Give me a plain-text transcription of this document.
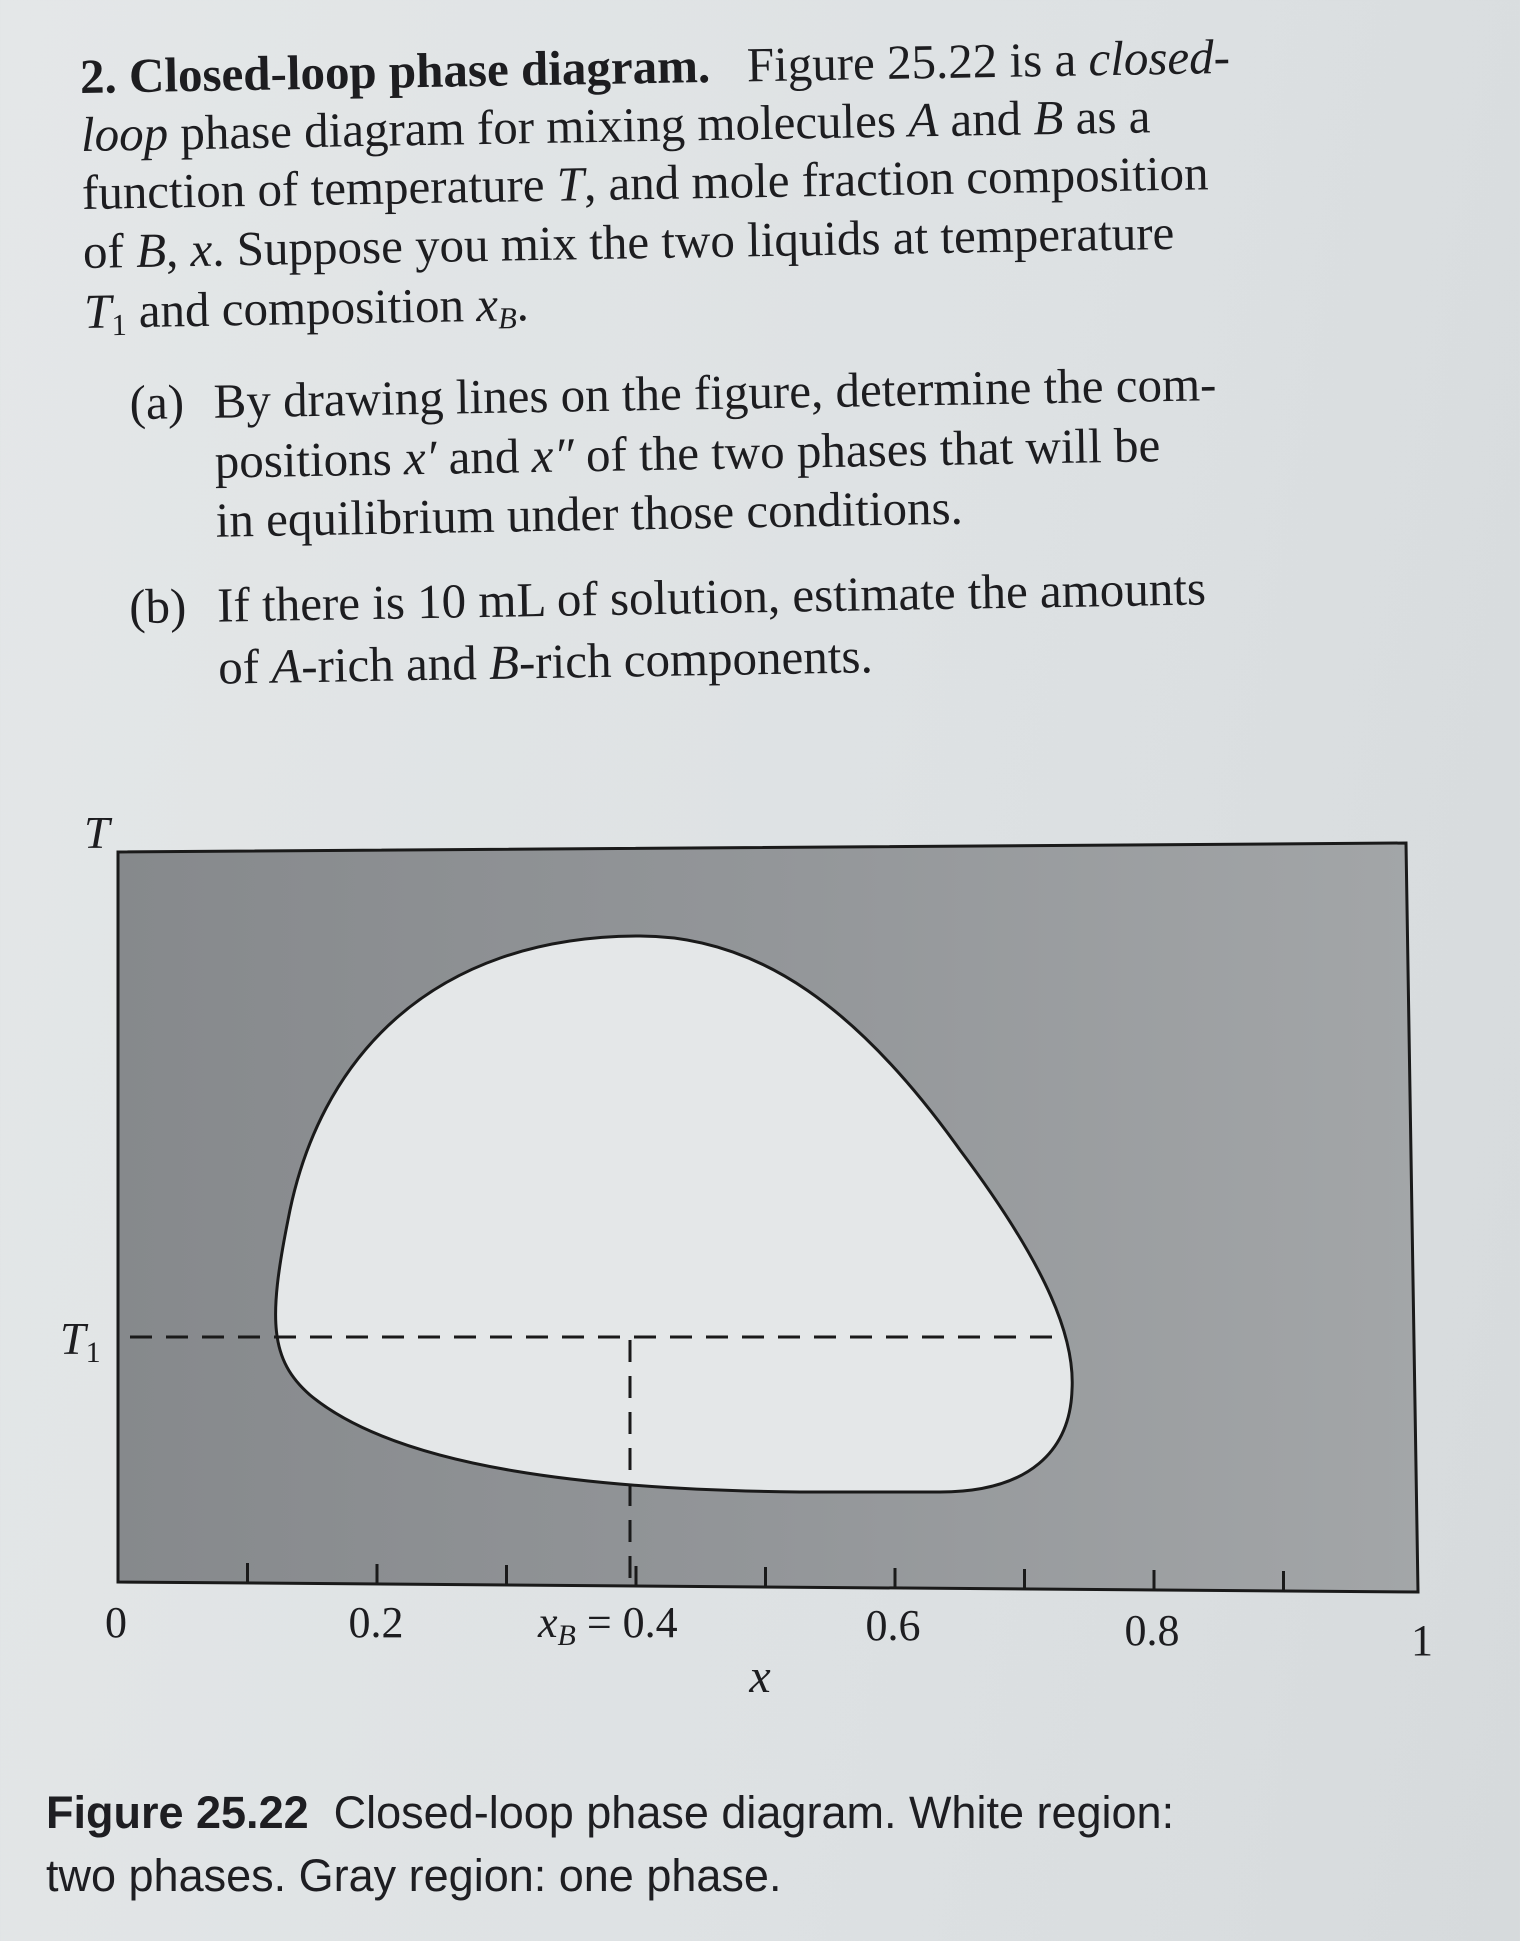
2. Closed-loop phase diagram. Figure 25.22 is a closed-
loop phase diagram for mixing molecules A and B as a
function of temperature T, and mole fraction composition
of B, x. Suppose you mix the two liquids at temperature
$T_1$ and composition $x_B$.
(a) By drawing lines on the figure, determine the com-
positions x′ and x″ of the two phases that will be
in equilibrium under those conditions.
(b) If there is 10 mL of solution, estimate the amounts
of A-rich and B-rich components.
T
T1
0	0.2	xB = 0.4	0.6	0.8	1
x
Figure 25.22  Closed-loop phase diagram. White region:
two phases. Gray region: one phase.
